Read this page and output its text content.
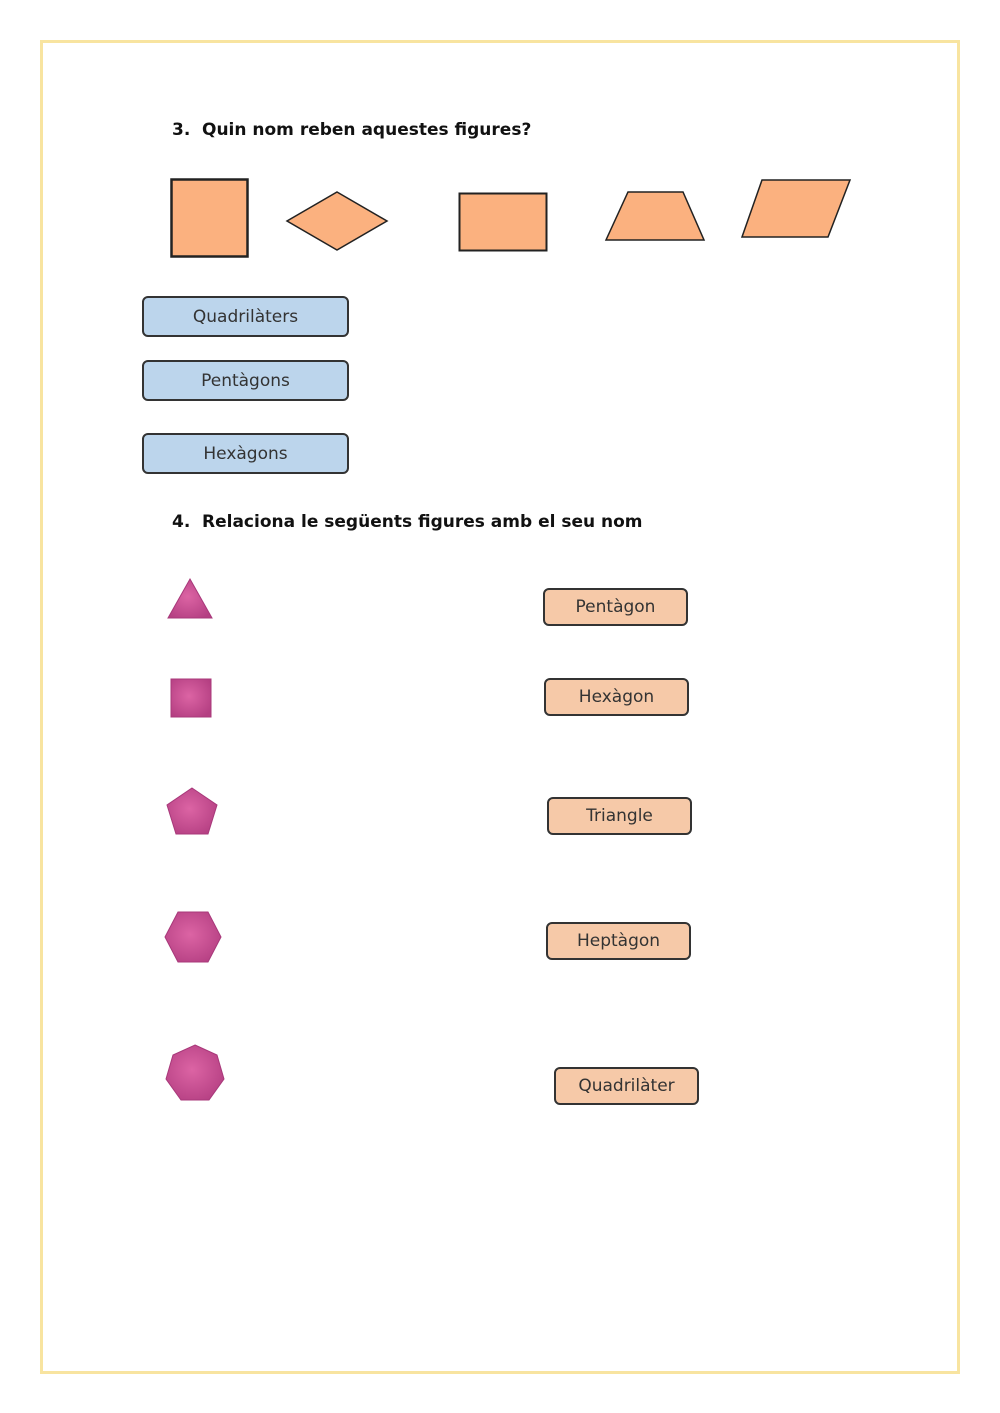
3. Quin nom reben aquestes figures?
Quadrilàters
Pentàgons
Hexàgons
4. Relaciona le següents figures amb el seu nom
Pentàgon
Hexàgon
Triangle
Heptàgon
Quadrilàter
